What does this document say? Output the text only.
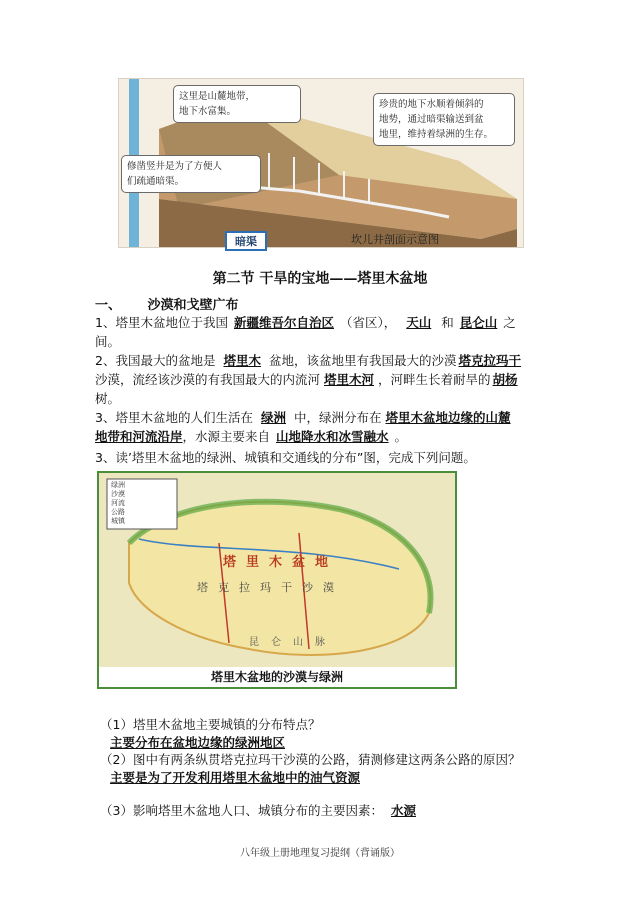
这里是山麓地带，
地下水富集。
修凿竖井是为了方便人
们疏通暗渠。
珍贵的地下水顺着倾斜的
地势，通过暗渠输送到盆
地里，维持着绿洲的生存。
暗渠	坎儿井剖面示意图
第二节 干旱的宝地——塔里木盆地
一、 沙漠和戈壁广布
1、塔里木盆地位于我国 新疆维吾尔自治区 （省区）， 天山 和 昆仑山 之
间。
2、我国最大的盆地是 塔里木 盆地，该盆地里有我国最大的沙漠 塔克拉玛干
沙漠，流经该沙漠的有我国最大的内流河 塔里木河 ，河畔生长着耐旱的 胡杨
树。
3、塔里木盆地的人们生活在 绿洲 中，绿洲分布在 塔里木盆地边缘的山麓
地带和河流沿岸，水源主要来自 山地降水和冰雪融水 。
3、读’塔里木盆地的绿洲、城镇和交通线的分布”图，完成下列问题。
绿洲
沙漠
河流
公路
城镇
塔里木盆地
塔克拉玛干沙漠
昆仑山脉
塔里木盆地的沙漠与绿洲
（1）塔里木盆地主要城镇的分布特点？
主要分布在盆地边缘的绿洲地区
（2）图中有两条纵贯塔克拉玛干沙漠的公路，猜测修建这两条公路的原因？
主要是为了开发利用塔里木盆地中的油气资源
（3）影响塔里木盆地人口、城镇分布的主要因素： 水源
八年级上册地理复习提纲（背诵版）
